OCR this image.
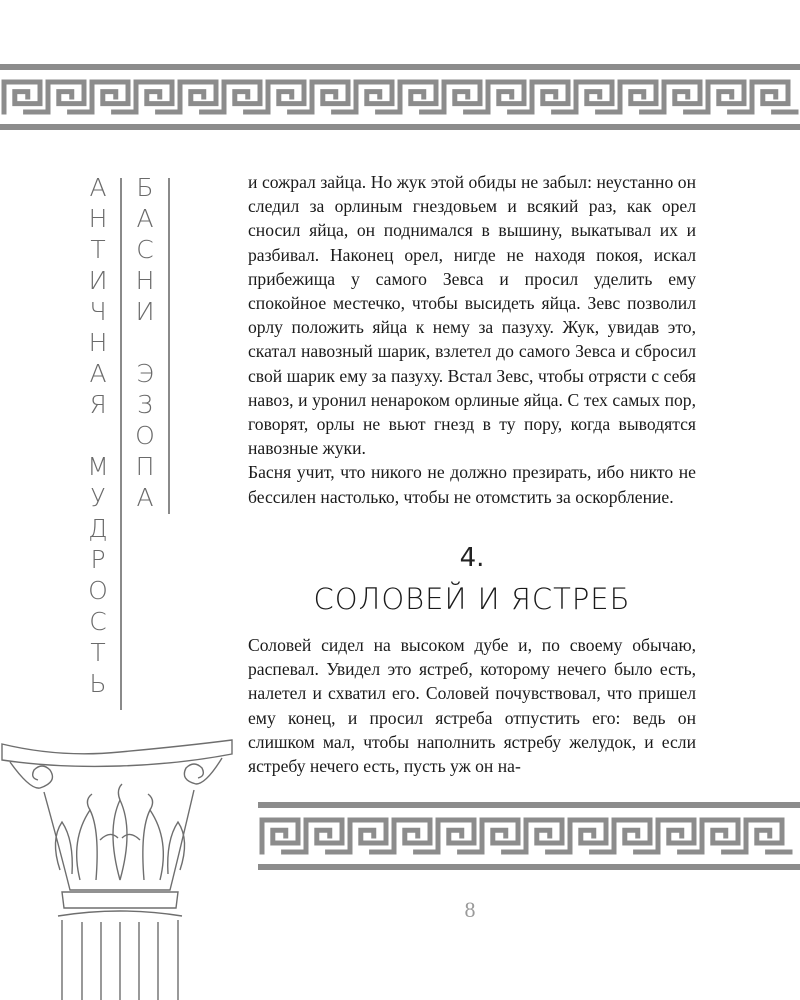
А
Н
Т
И
Ч
Н
А
Я

М
У
Д
Р
О
С
Т
Ь
Б
А
С
Н
И

Э
З
О
П
А

и сожрал зайца. Но жук этой обиды не забыл: неустанно он следил за орлиным гнездовьем и всякий раз, как орел сносил яйца, он поднимался в вышину, выкатывал их и разбивал. Наконец орел, нигде не находя покоя, искал прибежища у самого Зевса и просил уделить ему спокойное местечко, чтобы высидеть яйца. Зевс позволил орлу положить яйца к нему за пазуху. Жук, увидав это, скатал навозный шарик, взлетел до самого Зевса и сбросил свой шарик ему за пазуху. Встал Зевс, чтобы отрясти с себя навоз, и уронил ненароком орлиные яйца. С тех самых пор, говорят, орлы не вьют гнезд в ту пору, когда выводятся навозные жуки.

Басня учит, что никого не должно презирать, ибо никто не бессилен настолько, чтобы не отомстить за оскорбление.

4.
СОЛОВЕЙ И ЯСТРЕБ

Соловей сидел на высоком дубе и, по своему обычаю, распевал. Увидел это ястреб, которому нечего было есть, налетел и схватил его. Соловей почувствовал, что пришел ему конец, и просил ястреба отпустить его: ведь он слишком мал, чтобы наполнить ястребу желудок, и если ястребу нечего есть, пусть уж он на-

8
